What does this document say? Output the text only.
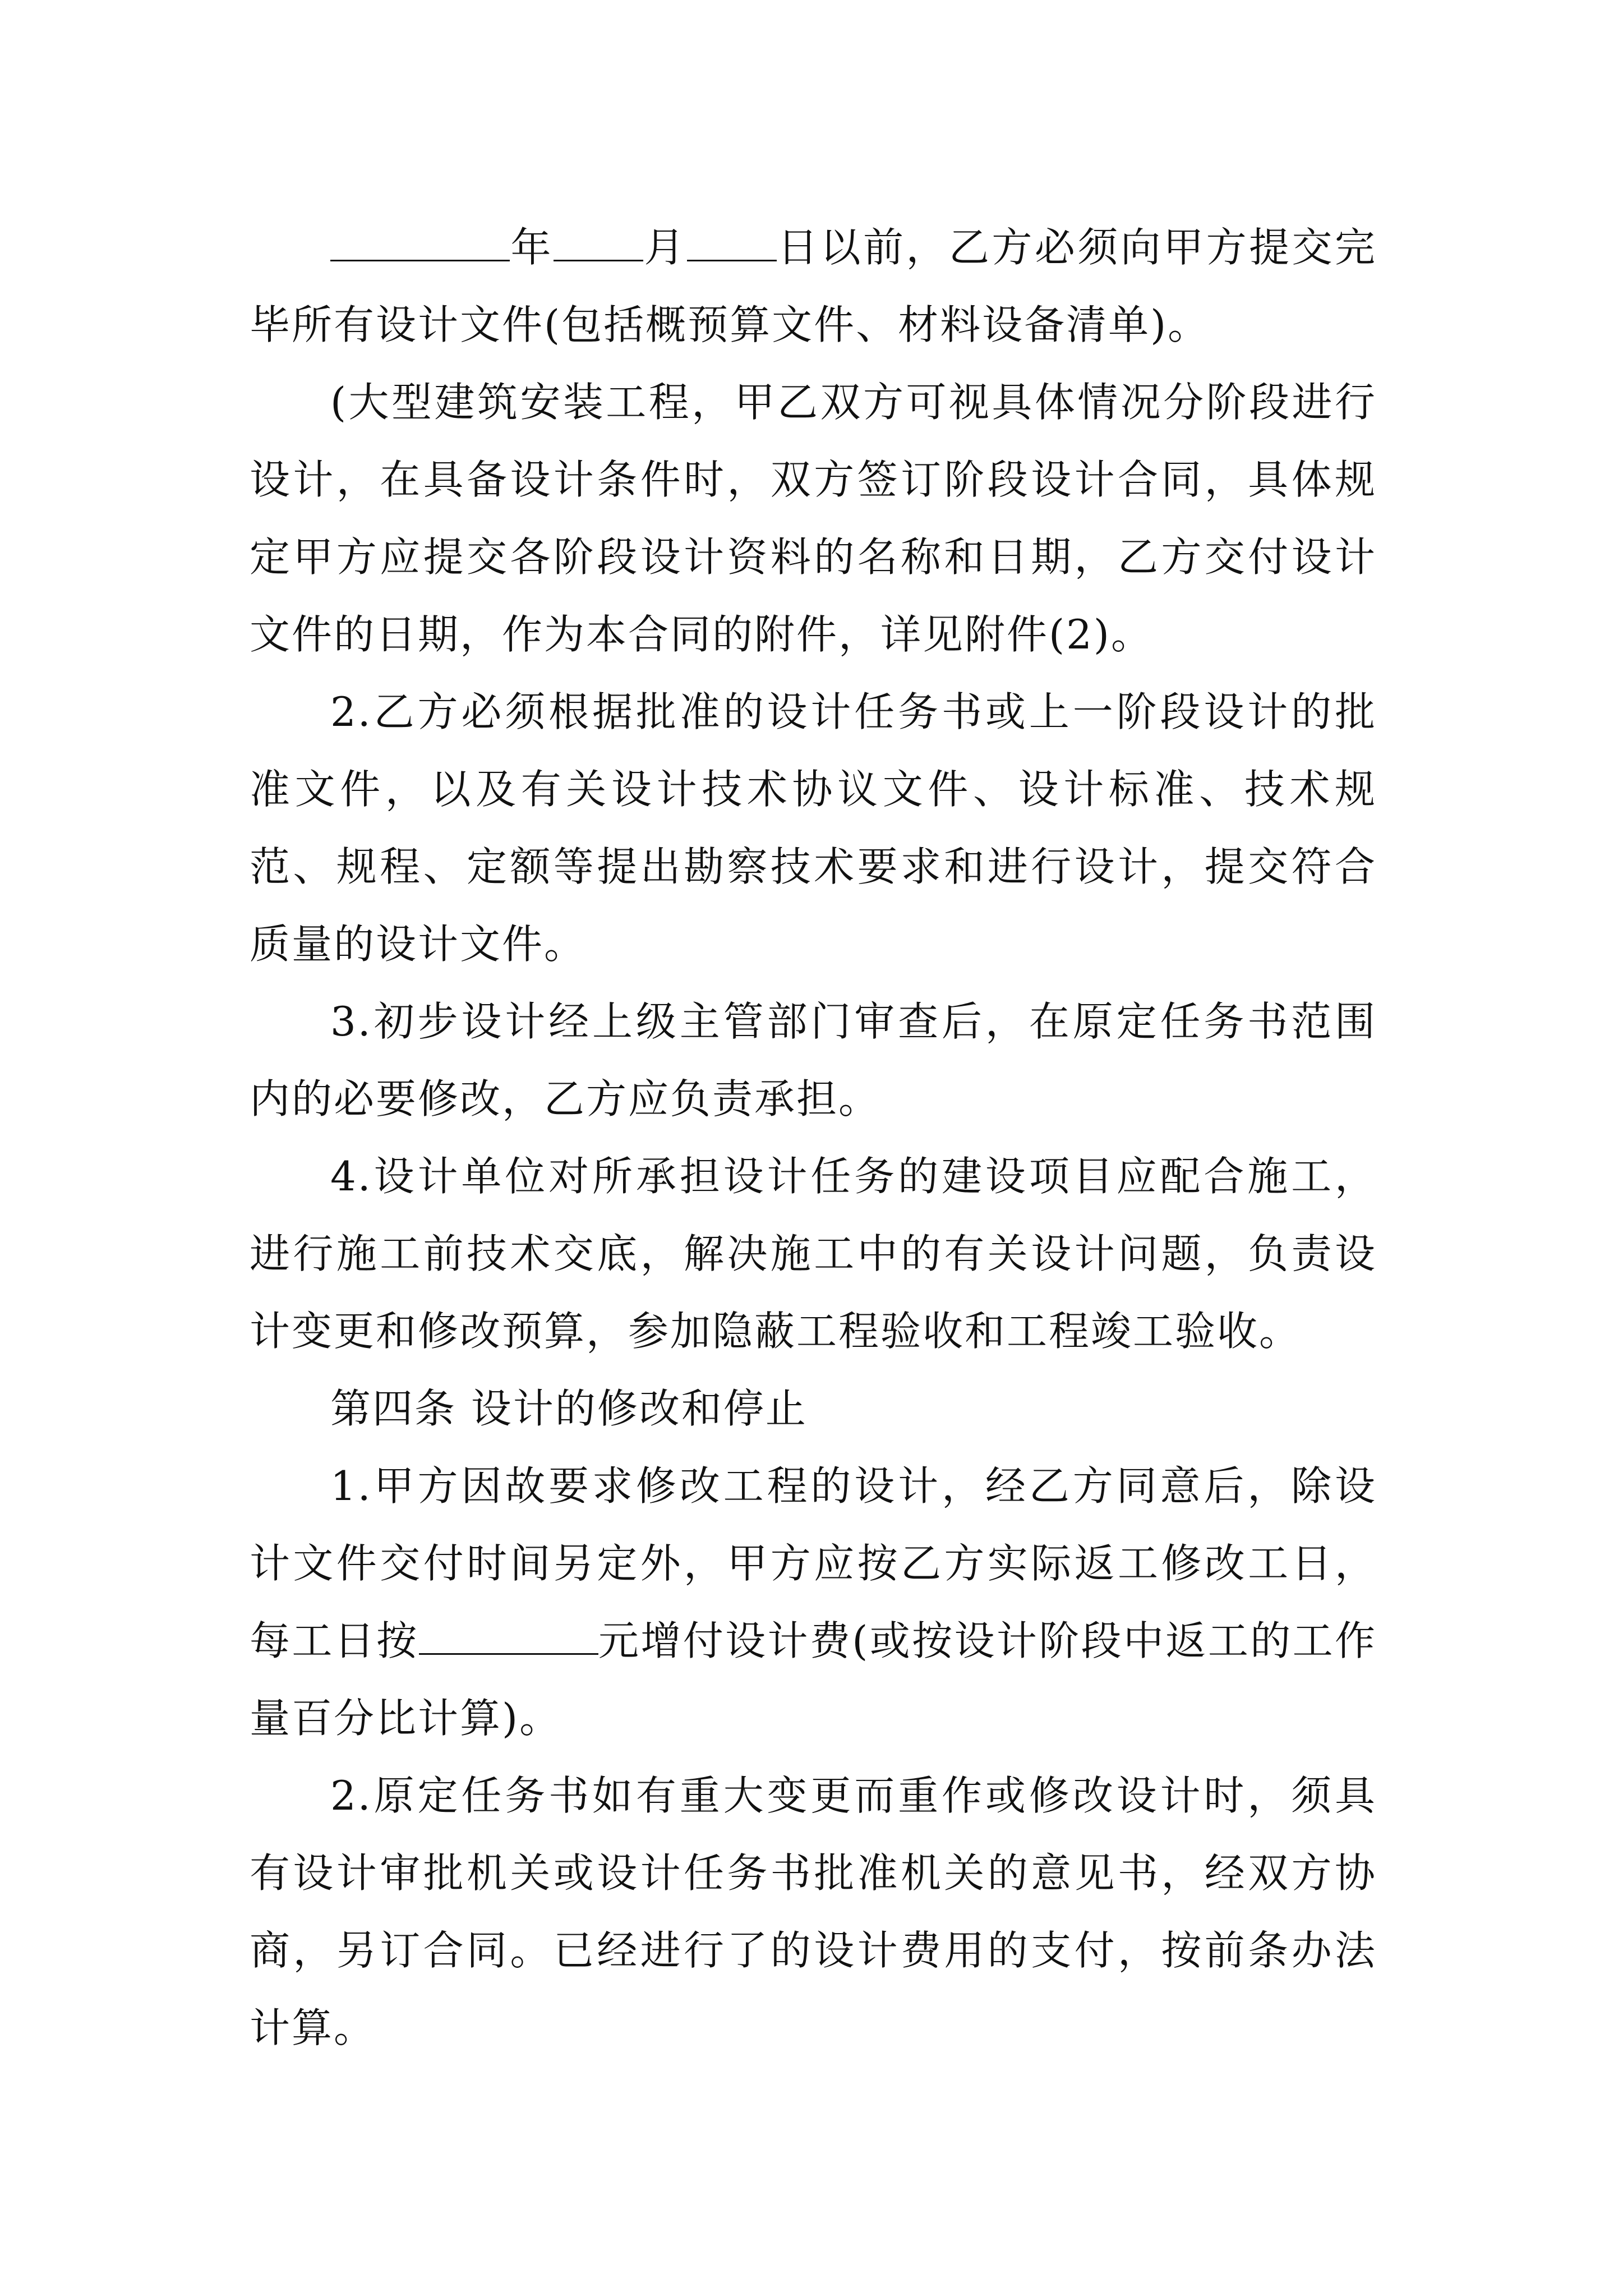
年 月 日以前，乙方必须向甲方提交完毕所有设计文件(包括概预算文件、材料设备清单)。

(大型建筑安装工程，甲乙双方可视具体情况分阶段进行设计，在具备设计条件时，双方签订阶段设计合同，具体规定甲方应提交各阶段设计资料的名称和日期，乙方交付设计文件的日期，作为本合同的附件，详见附件(2)。

2.乙方必须根据批准的设计任务书或上一阶段设计的批准文件，以及有关设计技术协议文件、设计标准、技术规范、规程、定额等提出勘察技术要求和进行设计，提交符合质量的设计文件。

3.初步设计经上级主管部门审查后，在原定任务书范围内的必要修改，乙方应负责承担。

4.设计单位对所承担设计任务的建设项目应配合施工，进行施工前技术交底，解决施工中的有关设计问题，负责设计变更和修改预算，参加隐蔽工程验收和工程竣工验收。

第四条 设计的修改和停止

1.甲方因故要求修改工程的设计，经乙方同意后，除设计文件交付时间另定外，甲方应按乙方实际返工修改工日，每工日按	元增付设计费(或按设计阶段中返工的工作量百分比计算)。

2.原定任务书如有重大变更而重作或修改设计时，须具有设计审批机关或设计任务书批准机关的意见书，经双方协商，另订合同。已经进行了的设计费用的支付，按前条办法计算。
